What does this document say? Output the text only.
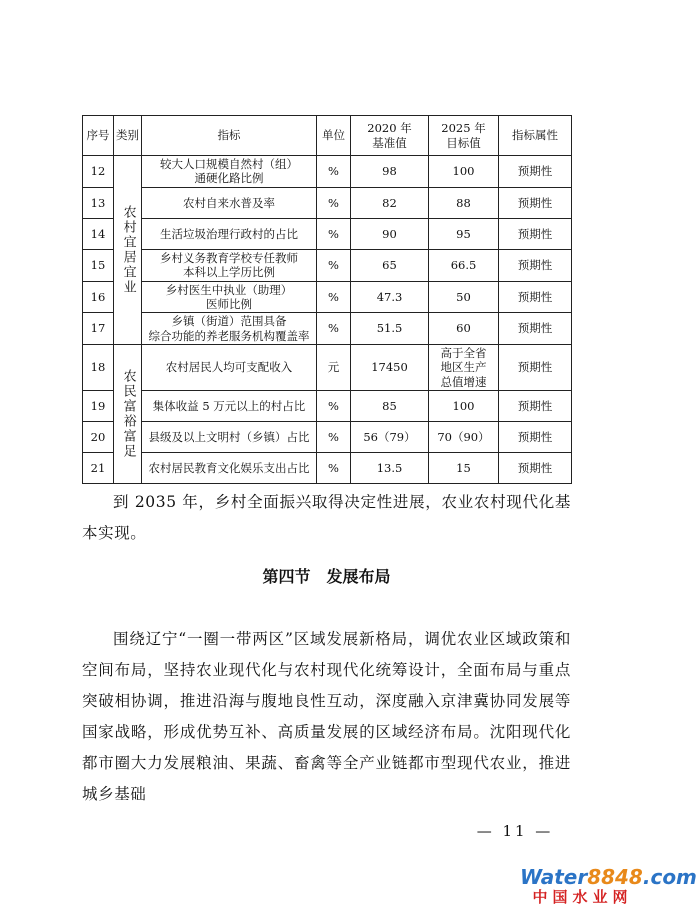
序号	类别	指标	单位	2020 年
基准值	2025 年
目标值	指标属性
12	农村宜居宜业	较大人口规模自然村（组）
通硬化路比例	%	98	100	预期性
13		农村自来水普及率	%	82	88	预期性
14		生活垃圾治理行政村的占比	%	90	95	预期性
15		乡村义务教育学校专任教师
本科以上学历比例	%	65	66.5	预期性
16		乡村医生中执业（助理）
医师比例	%	47.3	50	预期性
17		乡镇（街道）范围具备
综合功能的养老服务机构覆盖率	%	51.5	60	预期性
18	农民富裕富足	农村居民人均可支配收入	元	17450	高于全省
地区生产
总值增速	预期性
19		集体收益 5 万元以上的村占比	%	85	100	预期性
20		县级及以上文明村（乡镇）占比	%	56（79）	70（90）	预期性
21		农村居民教育文化娱乐支出占比	%	13.5	15	预期性

到 2035 年，乡村全面振兴取得决定性进展，农业农村现代化基本实现。

第四节　发展布局

围绕辽宁“一圈一带两区”区域发展新格局，调优农业区域政策和空间布局，坚持农业现代化与农村现代化统筹设计，全面布局与重点突破相协调，推进沿海与腹地良性互动，深度融入京津冀协同发展等国家战略，形成优势互补、高质量发展的区域经济布局。沈阳现代化都市圈大力发展粮油、果蔬、畜禽等全产业链都市型现代农业，推进城乡基础

— 11 —
Water8848.com
中国水业网
